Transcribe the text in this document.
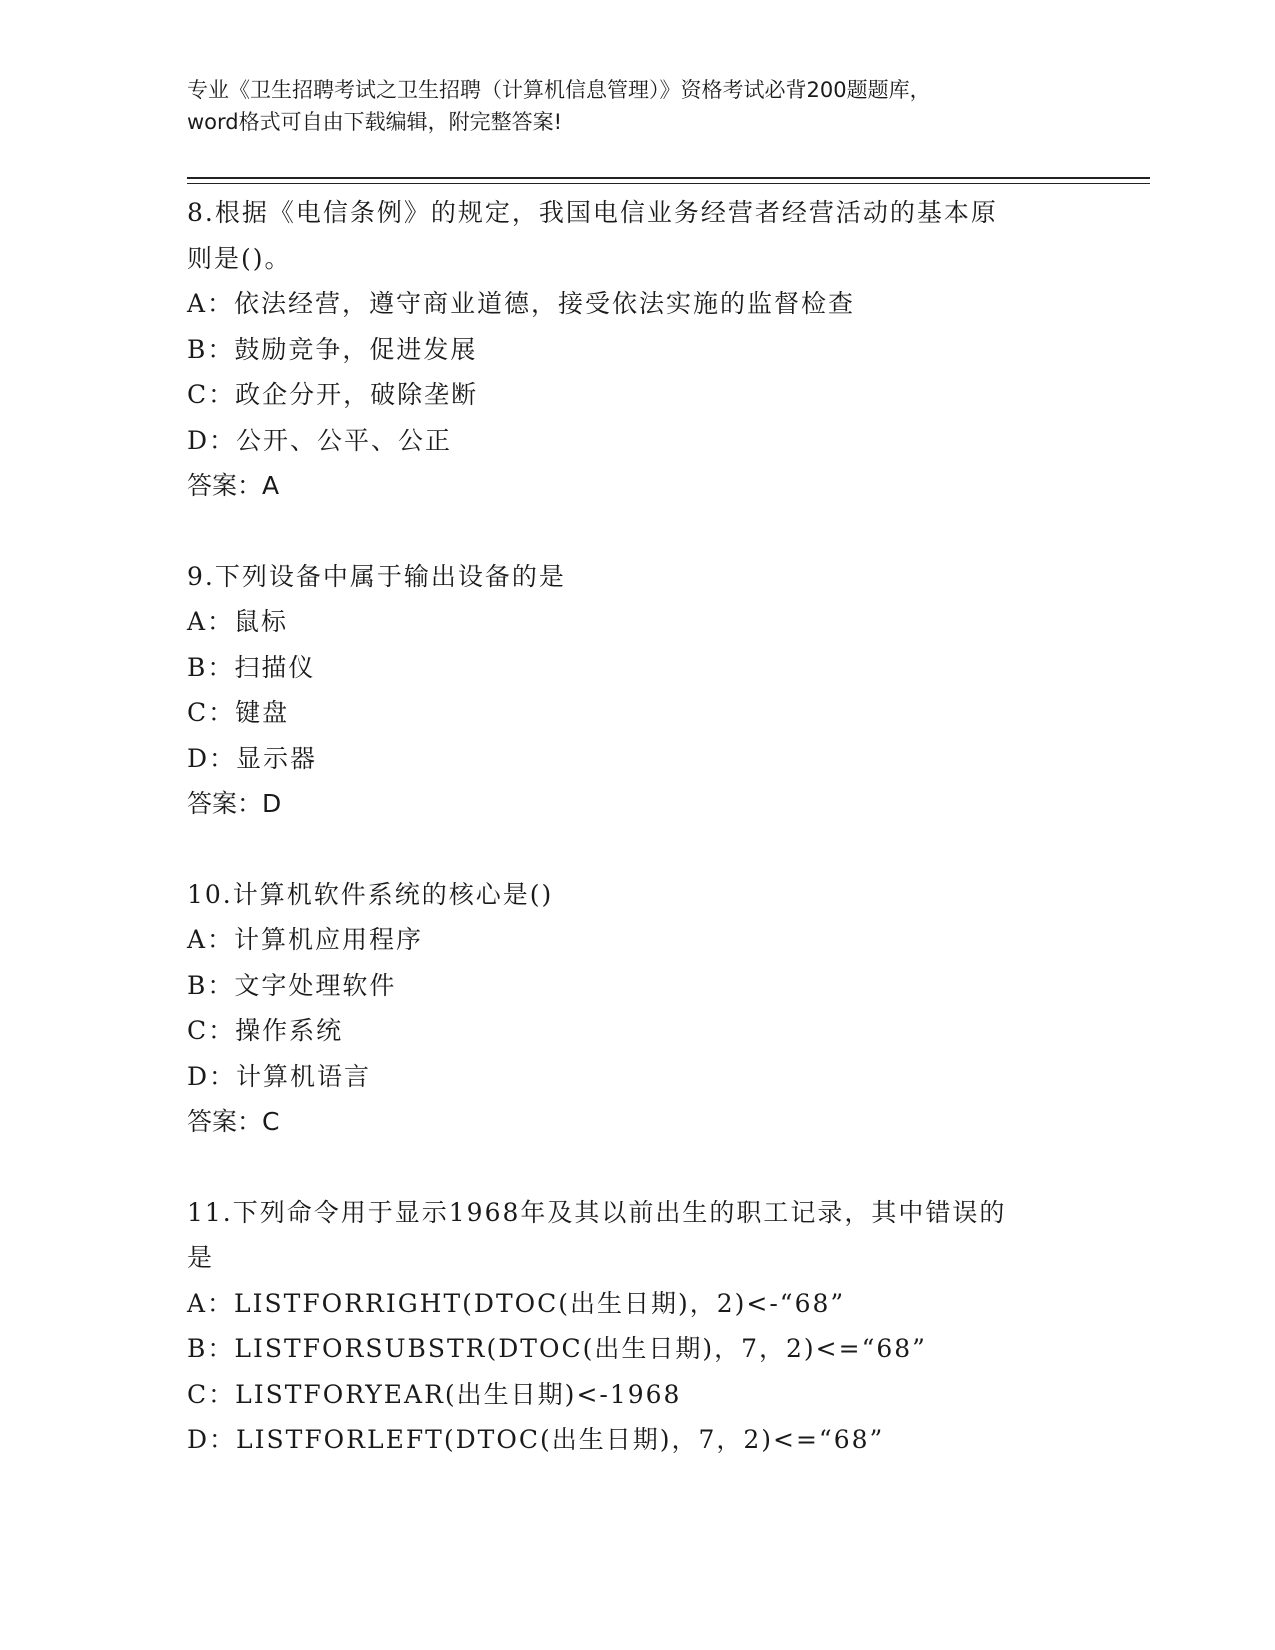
专业《卫生招聘考试之卫生招聘（计算机信息管理）》资格考试必背200题题库，
word格式可自由下载编辑，附完整答案!
8.根据《电信条例》的规定，我国电信业务经营者经营活动的基本原
则是()。
A：依法经营，遵守商业道德，接受依法实施的监督检查
B：鼓励竞争，促进发展
C：政企分开，破除垄断
D：公开、公平、公正
答案：A
9.下列设备中属于输出设备的是
A：鼠标
B：扫描仪
C：键盘
D：显示器
答案：D
10.计算机软件系统的核心是()
A：计算机应用程序
B：文字处理软件
C：操作系统
D：计算机语言
答案：C
11.下列命令用于显示1968年及其以前出生的职工记录，其中错误的
是
A：LISTFORRIGHT(DTOC(出生日期)，2)<-“68”
B：LISTFORSUBSTR(DTOC(出生日期)，7，2)<=“68”
C：LISTFORYEAR(出生日期)<-1968
D：LISTFORLEFT(DTOC(出生日期)，7，2)<=“68”
